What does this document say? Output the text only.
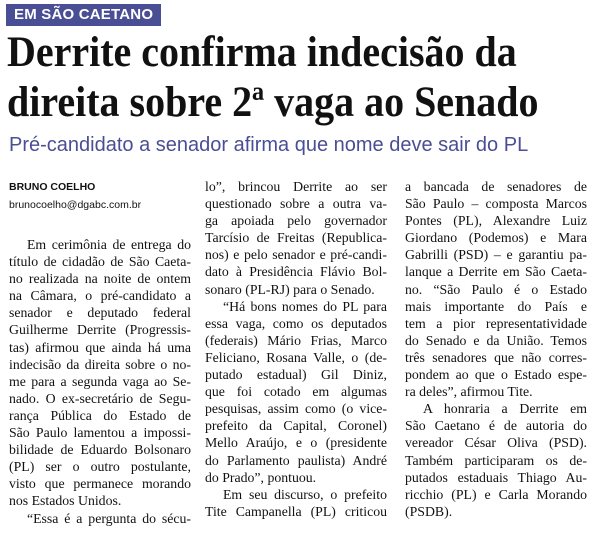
EM SÃO CAETANO
Derrite confirma indecisão da
direita sobre 2ª vaga ao Senado

Pré-candidato a senador afirma que nome deve sair do PL

BRUNO COELHO
brunocoelho@dgabc.com.br
Em cerimônia de entrega do
título de cidadão de São Caeta-
no realizada na noite de ontem
na Câmara, o pré-candidato a
senador e deputado federal
Guilherme Derrite (Progressis-
tas) afirmou que ainda há uma
indecisão da direita sobre o no-
me para a segunda vaga ao Se-
nado. O ex-secretário de Segu-
rança Pública do Estado de
São Paulo lamentou a impossi-
bilidade de Eduardo Bolsonaro
(PL) ser o outro postulante,
visto que permanece morando
nos Estados Unidos.
“Essa é a pergunta do sécu-
lo”, brincou Derrite ao ser
questionado sobre a outra va-
ga apoiada pelo governador
Tarcísio de Freitas (Republica-
nos) e pelo senador e pré-candi-
dato à Presidência Flávio Bol-
sonaro (PL-RJ) para o Senado.
“Há bons nomes do PL para
essa vaga, como os deputados
(federais) Mário Frias, Marco
Feliciano, Rosana Valle, o (de-
putado estadual) Gil Diniz,
que foi cotado em algumas
pesquisas, assim como (o vice-
prefeito da Capital, Coronel)
Mello Araújo, e o (presidente
do Parlamento paulista) André
do Prado”, pontuou.
Em seu discurso, o prefeito
Tite Campanella (PL) criticou
a bancada de senadores de
São Paulo – composta Marcos
Pontes (PL), Alexandre Luiz
Giordano (Podemos) e Mara
Gabrilli (PSD) – e garantiu pa-
lanque a Derrite em São Caeta-
no. “São Paulo é o Estado
mais importante do País e
tem a pior representatividade
do Senado e da União. Temos
três senadores que não corres-
pondem ao que o Estado espe-
ra deles”, afirmou Tite.
A honraria a Derrite em
São Caetano é de autoria do
vereador César Oliva (PSD).
Também participaram os de-
putados estaduais Thiago Au-
ricchio (PL) e Carla Morando
(PSDB).
